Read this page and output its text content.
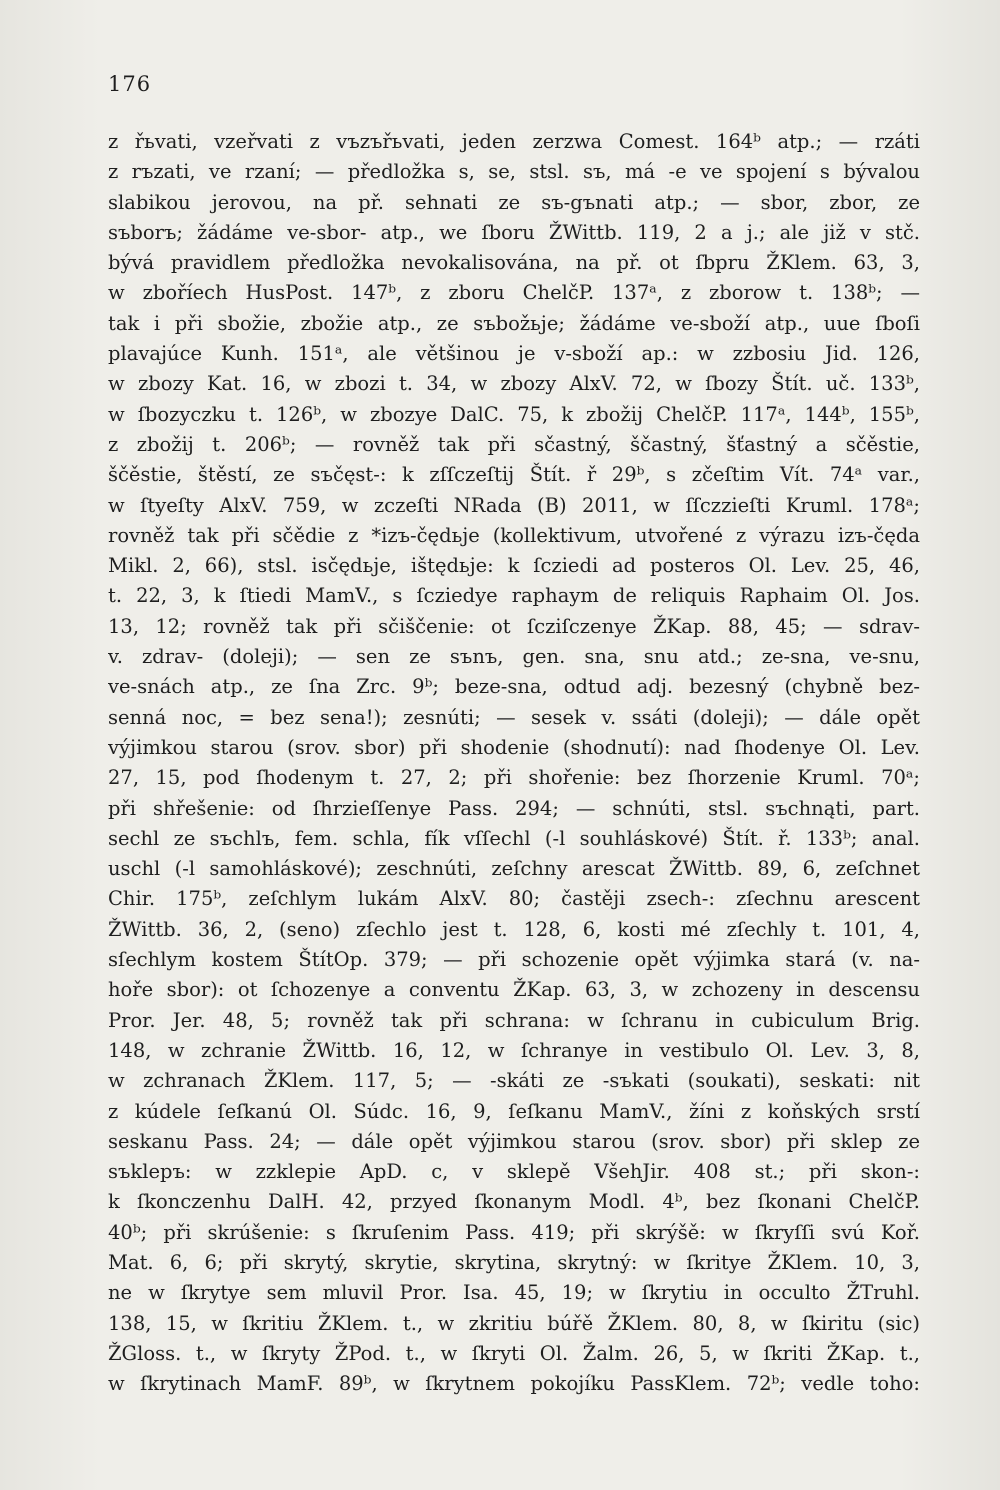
176
z řьvati, vzeřvati z vъzъřьvati, jeden zerzwa Comest. 164ᵇ atp.; — rzáti
z rъzati, ve rzaní; — předložka s, se, stsl. sъ, má -e ve spojení s bývalou
slabikou jerovou, na př. sehnati ze sъ-gъnati atp.; — sbor, zbor, ze
sъborъ; žádáme ve-sbor- atp., we ſboru ŽWittb. 119, 2 a j.; ale již v stč.
bývá pravidlem předložka nevokalisována, na př. ot ſbpru ŽKlem. 63, 3,
w zboříech HusPost. 147ᵇ, z zboru ChelčP. 137ᵃ, z zborow t. 138ᵇ; —
tak i při sbožie, zbožie atp., ze sъbožьje; žádáme ve-sboží atp., uue ſboſi
plavajúce Kunh. 151ᵃ, ale většinou je v-sboží ap.: w zzbosiu Jid. 126,
w zbozy Kat. 16, w zbozi t. 34, w zbozy AlxV. 72, w ſbozy Štít. uč. 133ᵇ,
w ſbozyczku t. 126ᵇ, w zbozye DalC. 75, k zbožij ChelčP. 117ᵃ, 144ᵇ, 155ᵇ,
z zbožij t. 206ᵇ; — rovněž tak při sčastný, ščastný, šťastný a sčěstie,
ščěstie, štěstí, ze sъčęst-: k zſſczeſtij Štít. ř 29ᵇ, s zčeſtim Vít. 74ᵃ var.,
w ſtyeſty AlxV. 759, w zczeſti NRada (B) 2011, w ſſczzieſti Kruml. 178ᵃ;
rovněž tak při sčědie z *izъ-čędьje (kollektivum, utvořené z výrazu izъ-čęda
Mikl. 2, 66), stsl. isčędьje, ištędьje: k ſcziedi ad posteros Ol. Lev. 25, 46,
t. 22, 3, k ſtiedi MamV., s ſcziedye raphaym de reliquis Raphaim Ol. Jos.
13, 12; rovněž tak při sčiščenie: ot ſcziſczenye ŽKap. 88, 45; — sdrav-
v. zdrav- (doleji); — sen ze sъnъ, gen. sna, snu atd.; ze-sna, ve-snu,
ve-snách atp., ze ſna Zrc. 9ᵇ; beze-sna, odtud adj. bezesný (chybně bez-
senná noc, = bez sena!); zesnúti; — sesek v. ssáti (doleji); — dále opět
výjimkou starou (srov. sbor) při shodenie (shodnutí): nad ſhodenye Ol. Lev.
27, 15, pod ſhodenym t. 27, 2; při shořenie: bez ſhorzenie Kruml. 70ᵃ;
při shřešenie: od ſhrzieſſenye Pass. 294; — schnúti, stsl. sъchnąti, part.
sechl ze sъchlъ, fem. schla, fík vſſechl (-l souhláskové) Štít. ř. 133ᵇ; anal.
uschl (-l samohláskové); zeschnúti, zeſchny arescat ŽWittb. 89, 6, zeſchnet
Chir. 175ᵇ, zeſchlym lukám AlxV. 80; častěji zsech-: zſechnu arescent
ŽWittb. 36, 2, (seno) zſechlo jest t. 128, 6, kosti mé zſechly t. 101, 4,
sſechlym kostem ŠtítOp. 379; — při schozenie opět výjimka stará (v. na-
hoře sbor): ot ſchozenye a conventu ŽKap. 63, 3, w zchozeny in descensu
Pror. Jer. 48, 5; rovněž tak při schrana: w ſchranu in cubiculum Brig.
148, w zchranie ŽWittb. 16, 12, w ſchranye in vestibulo Ol. Lev. 3, 8,
w zchranach ŽKlem. 117, 5; — -skáti ze -sъkati (soukati), seskati: nit
z kúdele ſeſkanú Ol. Súdc. 16, 9, ſeſkanu MamV., žíni z koňských srstí
seskanu Pass. 24; — dále opět výjimkou starou (srov. sbor) při sklep ze
sъklepъ: w zzklepie ApD. c, v sklepě VšehJir. 408 st.; při skon-:
k ſkonczenhu DalH. 42, przyed ſkonanym Modl. 4ᵇ, bez ſkonani ChelčP.
40ᵇ; při skrúšenie: s ſkruſenim Pass. 419; při skrýšě: w ſkryſſi svú Koř.
Mat. 6, 6; při skrytý, skrytie, skrytina, skrytný: w ſkritye ŽKlem. 10, 3,
ne w ſkrytye sem mluvil Pror. Isa. 45, 19; w ſkrytiu in occulto ŽTruhl.
138, 15, w ſkritiu ŽKlem. t., w zkritiu búřě ŽKlem. 80, 8, w ſkiritu (sic)
ŽGloss. t., w ſkryty ŽPod. t., w ſkryti Ol. Žalm. 26, 5, w ſkriti ŽKap. t.,
w ſkrytinach MamF. 89ᵇ, w ſkrytnem pokojíku PassKlem. 72ᵇ; vedle toho:
